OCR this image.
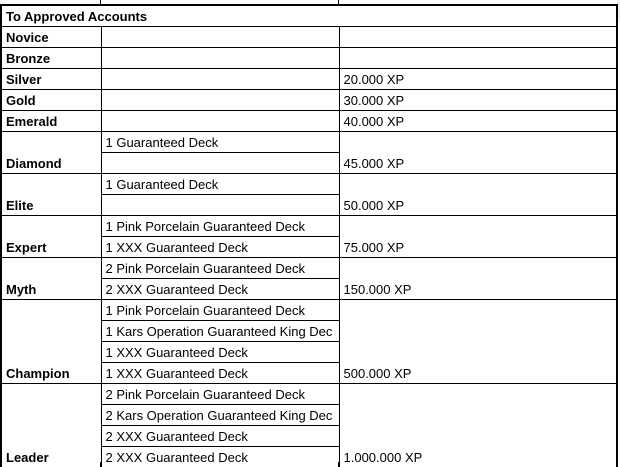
To Approved Accounts		
Novice		
Bronze		
Silver		20.000 XP
Gold		30.000 XP
Emerald		40.000 XP
Diamond	1 Guaranteed Deck	45.000 XP

Elite	1 Guaranteed Deck	50.000 XP

Expert	1 Pink Porcelain Guaranteed Deck	75.000 XP
	1 XXX Guaranteed Deck	
Myth	2 Pink Porcelain Guaranteed Deck	150.000 XP
	2 XXX Guaranteed Deck	
Champion	1 Pink Porcelain Guaranteed Deck	500.000 XP
	1 Kars Operation Guaranteed King Dec	
	1 XXX Guaranteed Deck	
	1 XXX Guaranteed Deck	
Leader	2 Pink Porcelain Guaranteed Deck	1.000.000 XP
	2 Kars Operation Guaranteed King Dec	
	2 XXX Guaranteed Deck	
	2 XXX Guaranteed Deck	
